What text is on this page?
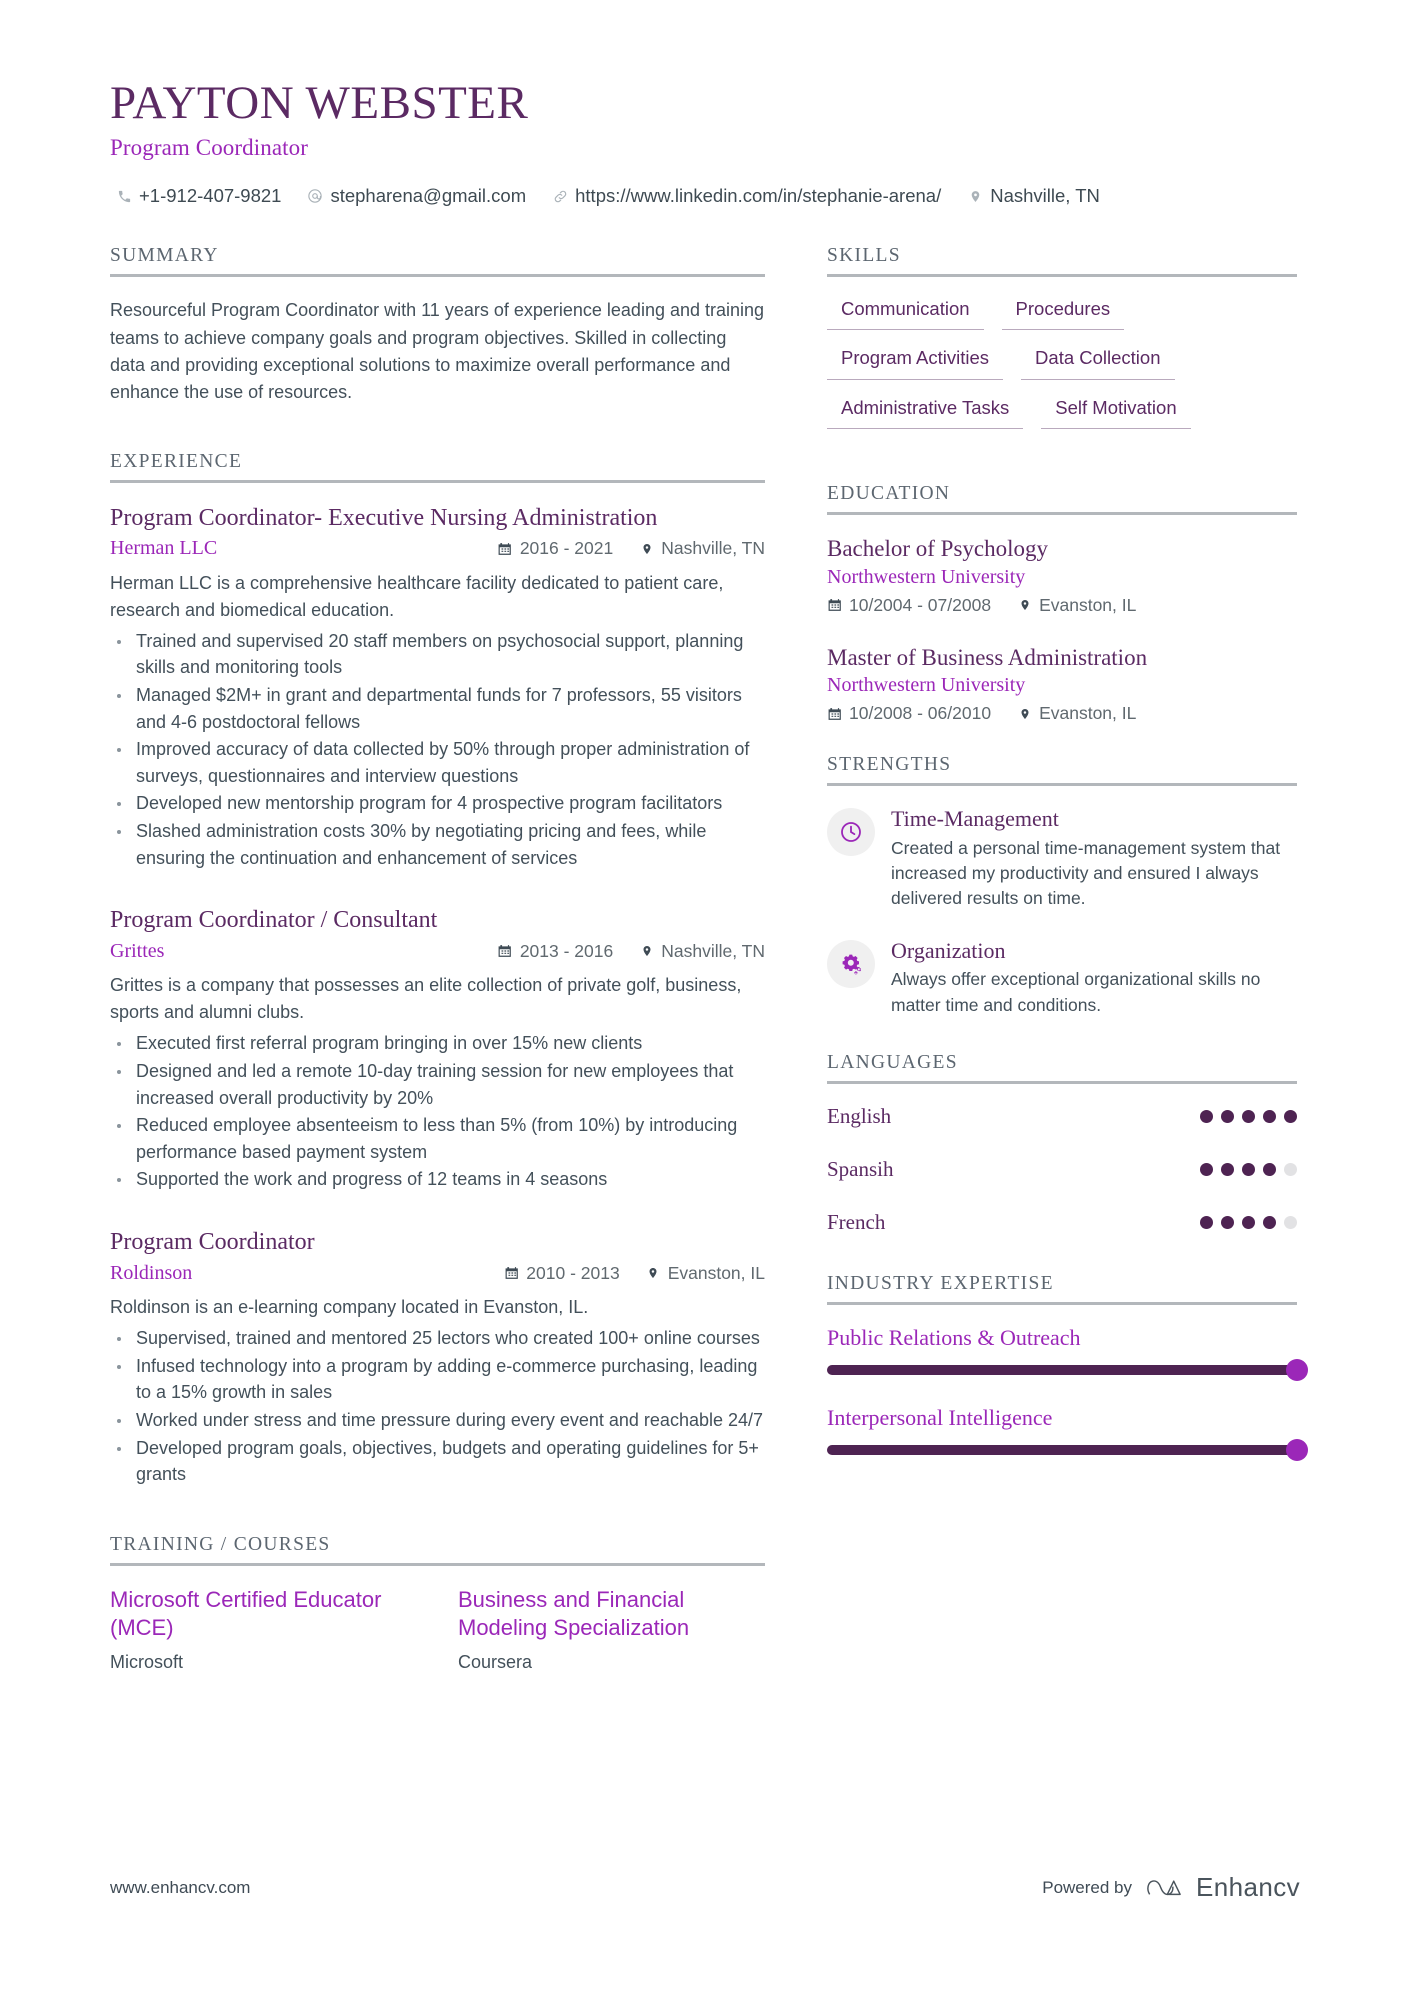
PAYTON WEBSTER
Program Coordinator
+1-912-407-9821	stepharena@gmail.com	https://www.linkedin.com/in/stephanie-arena/	Nashville, TN
SUMMARY
Resourceful Program Coordinator with 11 years of experience leading and training teams to achieve company goals and program objectives. Skilled in collecting data and providing exceptional solutions to maximize overall performance and enhance the use of resources.
EXPERIENCE
Program Coordinator- Executive Nursing Administration
Herman LLC	2016 - 2021	Nashville, TN
Herman LLC is a comprehensive healthcare facility dedicated to patient care, research and biomedical education.
Trained and supervised 20 staff members on psychosocial support, planning skills and monitoring tools
Managed $2M+ in grant and departmental funds for 7 professors, 55 visitors and 4-6 postdoctoral fellows
Improved accuracy of data collected by 50% through proper administration of surveys, questionnaires and interview questions
Developed new mentorship program for 4 prospective program facilitators
Slashed administration costs 30% by negotiating pricing and fees, while ensuring the continuation and enhancement of services
Program Coordinator / Consultant
Grittes	2013 - 2016	Nashville, TN
Grittes is a company that possesses an elite collection of private golf, business, sports and alumni clubs.
Executed first referral program bringing in over 15% new clients
Designed and led a remote 10-day training session for new employees that increased overall productivity by 20%
Reduced employee absenteeism to less than 5% (from 10%) by introducing performance based payment system
Supported the work and progress of 12 teams in 4 seasons
Program Coordinator
Roldinson	2010 - 2013	Evanston, IL
Roldinson is an e-learning company located in Evanston, IL.
Supervised, trained and mentored 25 lectors who created 100+ online courses
Infused technology into a program by adding e-commerce purchasing, leading to a 15% growth in sales
Worked under stress and time pressure during every event and reachable 24/7
Developed program goals, objectives, budgets and operating guidelines for 5+ grants
TRAINING / COURSES
Microsoft Certified Educator (MCE)
Microsoft
Business and Financial Modeling Specialization
Coursera
SKILLS
Communication	Procedures
Program Activities	Data Collection
Administrative Tasks	Self Motivation
EDUCATION
Bachelor of Psychology
Northwestern University
10/2004 - 07/2008	Evanston, IL
Master of Business Administration
Northwestern University
10/2008 - 06/2010	Evanston, IL
STRENGTHS
Time-Management
Created a personal time-management system that increased my productivity and ensured I always delivered results on time.
Organization
Always offer exceptional organizational skills no matter time and conditions.
LANGUAGES
English
Spansih
French
INDUSTRY EXPERTISE
Public Relations & Outreach
Interpersonal Intelligence
www.enhancv.com	Powered by Enhancv
